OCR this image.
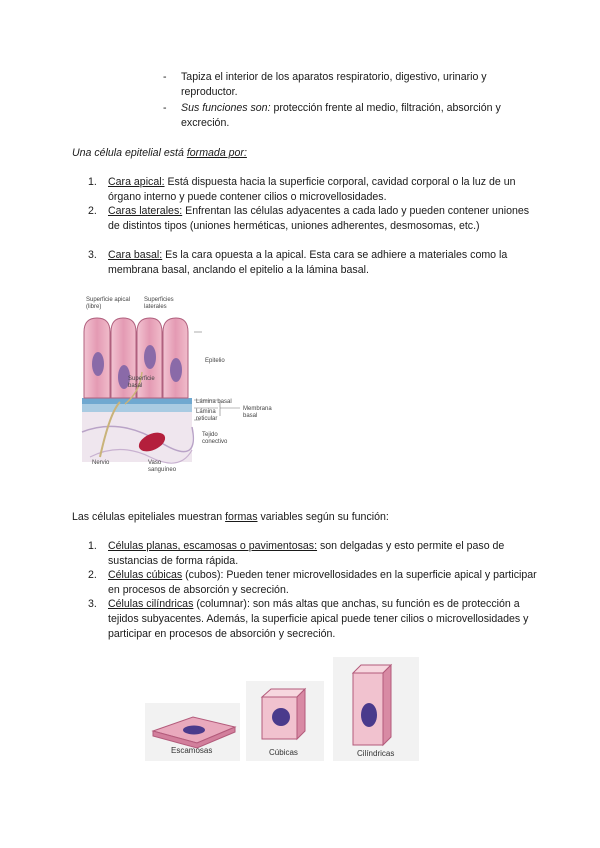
- Tapiza el interior de los aparatos respiratorio, digestivo, urinario y reproductor.
- Sus funciones son: protección frente al medio, filtración, absorción y excreción.
Una célula epitelial está formada por:
1. Cara apical: Está dispuesta hacia la superficie corporal, cavidad corporal o la luz de un órgano interno y puede contener cilios o microvellosidades.
2. Caras laterales: Enfrentan las células adyacentes a cada lado y pueden contener uniones de distintos tipos (uniones herméticas, uniones adherentes, desmosomas, etc.)
3. Cara basal: Es la cara opuesta a la apical. Esta cara se adhiere a materiales como la membrana basal, anclando el epitelio a la lámina basal.
Superficie apical (libre)
Superficies laterales
Superficie basal
Epitelio
Lámina basal
Lámina reticular
Membrana basal
Tejido conectivo
Nervio	Vaso sanguíneo
Las células epiteliales muestran formas variables según su función:
1. Células planas, escamosas o pavimentosas: son delgadas y esto permite el paso de sustancias de forma rápida.
2. Células cúbicas (cubos): Pueden tener microvellosidades en la superficie apical y participar en procesos de absorción y secreción.
3. Células cilíndricas (columnar): son más altas que anchas, su función es de protección a tejidos subyacentes. Además, la superficie apical puede tener cilios o microvellosidades y participar en procesos de absorción y secreción.
Escamosas	Cúbicas	Cilíndricas
